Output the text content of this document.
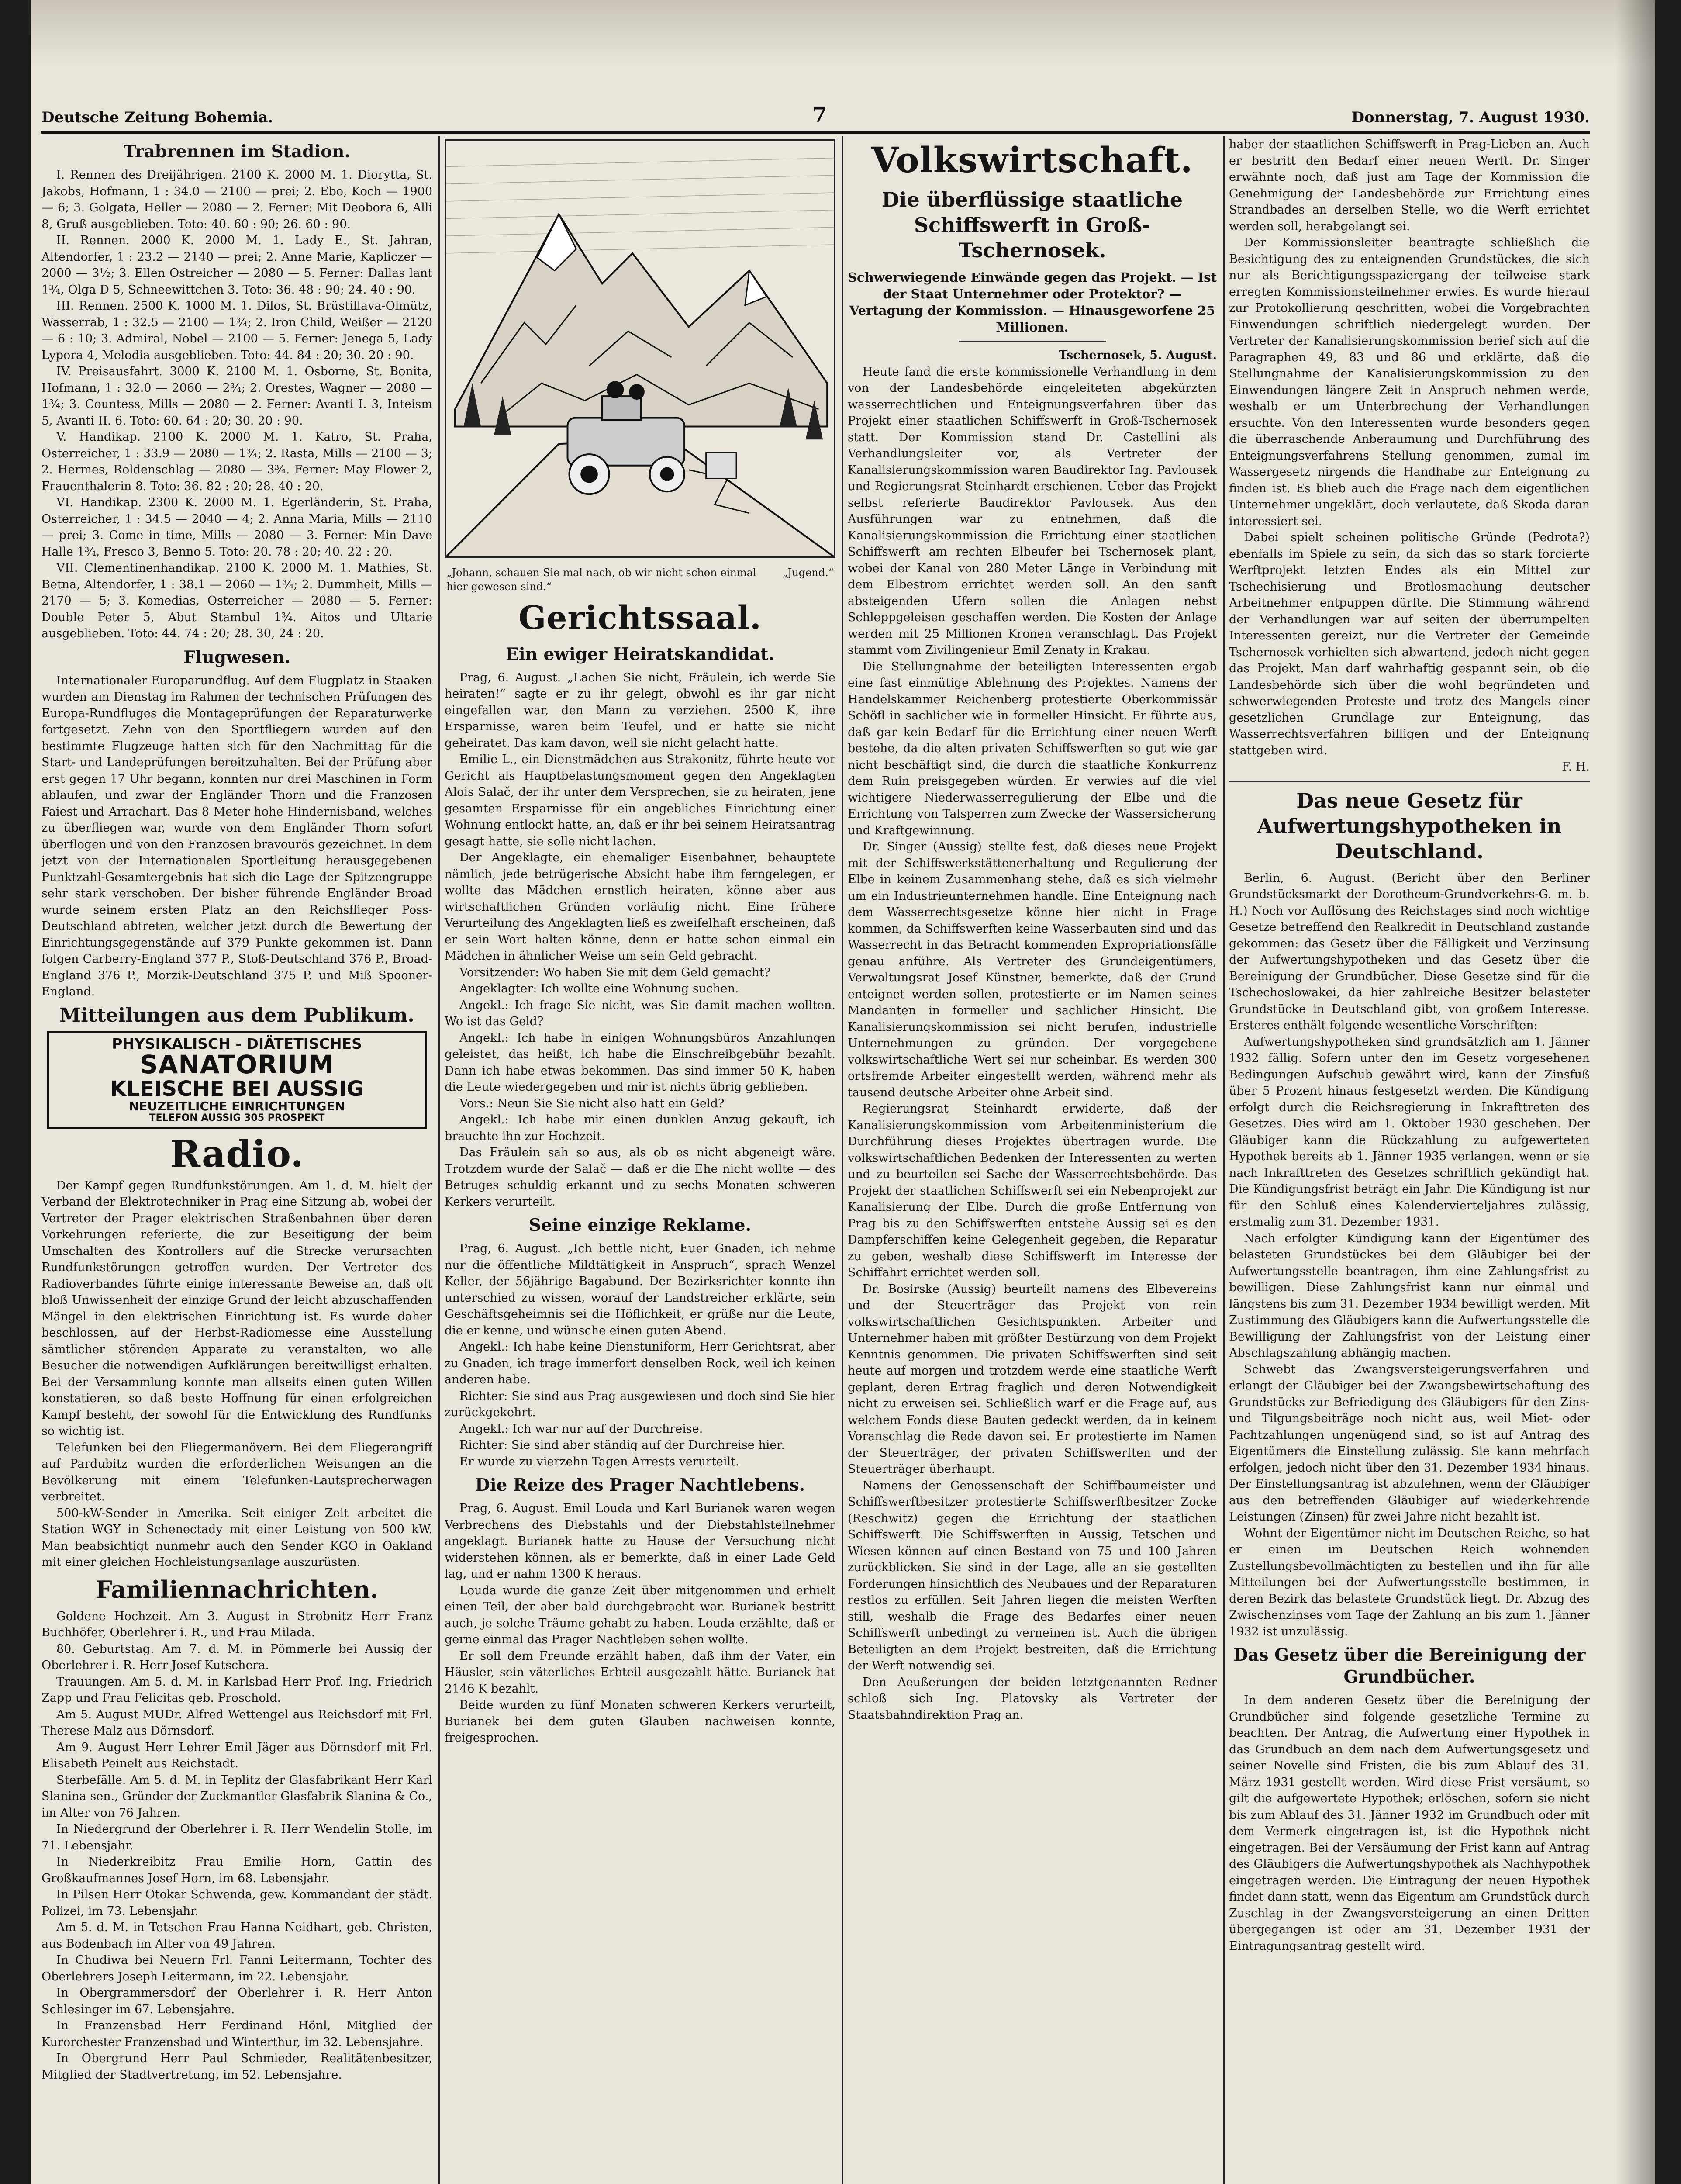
Deutsche Zeitung Bohemia.	7	Donnerstag, 7. August 1930.
Trabrennen im Stadion.

I. Rennen des Dreijährigen. 2100 K. 2000 M. 1. Diorytta, St. Jakobs, Hofmann, 1 : 34.0 — 2100 — prei; 2. Ebo, Koch — 1900 — 6; 3. Golgata, Heller — 2080 — 2. Ferner: Mit Deobora 6, Alli 8, Gruß ausgeblieben. Toto: 40. 60 : 90; 26. 60 : 90.

II. Rennen. 2000 K. 2000 M. 1. Lady E., St. Jahran, Altendorfer, 1 : 23.2 — 2140 — prei; 2. Anne Marie, Kapliczer — 2000 — 3½; 3. Ellen Ostreicher — 2080 — 5. Ferner: Dallas lant 1¾, Olga D 5, Schneewittchen 3. Toto: 36. 48 : 90; 24. 40 : 90.

III. Rennen. 2500 K. 1000 M. 1. Dilos, St. Brüstillava-Olmütz, Wasserrab, 1 : 32.5 — 2100 — 1¾; 2. Iron Child, Weißer — 2120 — 6 : 10; 3. Admiral, Nobel — 2100 — 5. Ferner: Jenega 5, Lady Lypora 4, Melodia ausgeblieben. Toto: 44. 84 : 20; 30. 20 : 90.

IV. Preisausfahrt. 3000 K. 2100 M. 1. Osborne, St. Bonita, Hofmann, 1 : 32.0 — 2060 — 2¾; 2. Orestes, Wagner — 2080 — 1¾; 3. Countess, Mills — 2080 — 2. Ferner: Avanti I. 3, Inteism 5, Avanti II. 6. Toto: 60. 64 : 20; 30. 20 : 90.

V. Handikap. 2100 K. 2000 M. 1. Katro, St. Praha, Osterreicher, 1 : 33.9 — 2080 — 1¾; 2. Rasta, Mills — 2100 — 3; 2. Hermes, Roldenschlag — 2080 — 3¾. Ferner: May Flower 2, Frauenthalerin 8. Toto: 36. 82 : 20; 28. 40 : 20.

VI. Handikap. 2300 K. 2000 M. 1. Egerländerin, St. Praha, Osterreicher, 1 : 34.5 — 2040 — 4; 2. Anna Maria, Mills — 2110 — prei; 3. Come in time, Mills — 2080 — 3. Ferner: Min Dave Halle 1¾, Fresco 3, Benno 5. Toto: 20. 78 : 20; 40. 22 : 20.

VII. Clementinenhandikap. 2100 K. 2000 M. 1. Mathies, St. Betna, Altendorfer, 1 : 38.1 — 2060 — 1¾; 2. Dummheit, Mills — 2170 — 5; 3. Komedias, Osterreicher — 2080 — 5. Ferner: Double Peter 5, Abut Stambul 1¾. Aitos und Ultarie ausgeblieben. Toto: 44. 74 : 20; 28. 30, 24 : 20.

Flugwesen.

Internationaler Europarundflug. Auf dem Flugplatz in Staaken wurden am Dienstag im Rahmen der technischen Prüfungen des Europa-Rundfluges die Montageprüfungen der Reparaturwerke fortgesetzt. Zehn von den Sportfliegern wurden auf den bestimmte Flugzeuge hatten sich für den Nachmittag für die Start- und Landeprüfungen bereitzuhalten. Bei der Prüfung aber erst gegen 17 Uhr begann, konnten nur drei Maschinen in Form ablaufen, und zwar der Engländer Thorn und die Franzosen Faiest und Arrachart. Das 8 Meter hohe Hindernisband, welches zu überfliegen war, wurde von dem Engländer Thorn sofort überflogen und von den Franzosen bravourös gezeichnet. In dem jetzt von der Internationalen Sportleitung herausgegebenen Punktzahl-Gesamtergebnis hat sich die Lage der Spitzengruppe sehr stark verschoben. Der bisher führende Engländer Broad wurde seinem ersten Platz an den Reichsflieger Poss-Deutschland abtreten, welcher jetzt durch die Bewertung der Einrichtungsgegenstände auf 379 Punkte gekommen ist. Dann folgen Carberry-England 377 P., Stoß-Deutschland 376 P., Broad-England 376 P., Morzik-Deutschland 375 P. und Miß Spooner-England.

Mitteilungen aus dem Publikum.
PHYSIKALISCH - DIÄTETISCHES
SANATORIUM
KLEISCHE BEI AUSSIG
NEUZEITLICHE EINRICHTUNGEN
TELEFON AUSSIG 305 PROSPEKT
Radio.

Der Kampf gegen Rundfunkstörungen. Am 1. d. M. hielt der Verband der Elektrotechniker in Prag eine Sitzung ab, wobei der Vertreter der Prager elektrischen Straßenbahnen über deren Vorkehrungen referierte, die zur Beseitigung der beim Umschalten des Kontrollers auf die Strecke verursachten Rundfunkstörungen getroffen wurden. Der Vertreter des Radioverbandes führte einige interessante Beweise an, daß oft bloß Unwissenheit der einzige Grund der leicht abzuschaffenden Mängel in den elektrischen Einrichtung ist. Es wurde daher beschlossen, auf der Herbst-Radiomesse eine Ausstellung sämtlicher störenden Apparate zu veranstalten, wo alle Besucher die notwendigen Aufklärungen bereitwilligst erhalten. Bei der Versammlung konnte man allseits einen guten Willen konstatieren, so daß beste Hoffnung für einen erfolgreichen Kampf besteht, der sowohl für die Entwicklung des Rundfunks so wichtig ist.

Telefunken bei den Fliegermanövern. Bei dem Fliegerangriff auf Pardubitz wurden die erforderlichen Weisungen an die Bevölkerung mit einem Telefunken-Lautsprecherwagen verbreitet.

500-kW-Sender in Amerika. Seit einiger Zeit arbeitet die Station WGY in Schenectady mit einer Leistung von 500 kW. Man beabsichtigt nunmehr auch den Sender KGO in Oakland mit einer gleichen Hochleistungsanlage auszurüsten.

Familiennachrichten.

Goldene Hochzeit. Am 3. August in Strobnitz Herr Franz Buchhöfer, Oberlehrer i. R., und Frau Milada.

80. Geburtstag. Am 7. d. M. in Pömmerle bei Aussig der Oberlehrer i. R. Herr Josef Kutschera.

Trauungen. Am 5. d. M. in Karlsbad Herr Prof. Ing. Friedrich Zapp und Frau Felicitas geb. Proschold.

Am 5. August MUDr. Alfred Wettengel aus Reichsdorf mit Frl. Therese Malz aus Dörnsdorf.

Am 9. August Herr Lehrer Emil Jäger aus Dörnsdorf mit Frl. Elisabeth Peinelt aus Reichstadt.

Sterbefälle. Am 5. d. M. in Teplitz der Glasfabrikant Herr Karl Slanina sen., Gründer der Zuckmantler Glasfabrik Slanina & Co., im Alter von 76 Jahren.

In Niedergrund der Oberlehrer i. R. Herr Wendelin Stolle, im 71. Lebensjahr.

In Niederkreibitz Frau Emilie Horn, Gattin des Großkaufmannes Josef Horn, im 68. Lebensjahr.

In Pilsen Herr Otokar Schwenda, gew. Kommandant der städt. Polizei, im 73. Lebensjahr.

Am 5. d. M. in Tetschen Frau Hanna Neidhart, geb. Christen, aus Bodenbach im Alter von 49 Jahren.

In Chudiwa bei Neuern Frl. Fanni Leitermann, Tochter des Oberlehrers Joseph Leitermann, im 22. Lebensjahr.

In Obergrammersdorf der Oberlehrer i. R. Herr Anton Schlesinger im 67. Lebensjahre.

In Franzensbad Herr Ferdinand Hönl, Mitglied der Kurorchester Franzensbad und Winterthur, im 32. Lebensjahre.

In Obergrund Herr Paul Schmieder, Realitätenbesitzer, Mitglied der Stadtvertretung, im 52. Lebensjahre.

„Johann, schauen Sie mal nach, ob wir nicht schon einmal hier gewesen sind.“
„Jugend.“
Gerichtssaal.
Ein ewiger Heiratskandidat.

Prag, 6. August. „Lachen Sie nicht, Fräulein, ich werde Sie heiraten!“ sagte er zu ihr gelegt, obwohl es ihr gar nicht eingefallen war, den Mann zu verziehen. 2500 K, ihre Ersparnisse, waren beim Teufel, und er hatte sie nicht geheiratet. Das kam davon, weil sie nicht gelacht hatte.

Emilie L., ein Dienstmädchen aus Strakonitz, führte heute vor Gericht als Hauptbelastungsmoment gegen den Angeklagten Alois Salač, der ihr unter dem Versprechen, sie zu heiraten, jene gesamten Ersparnisse für ein angebliches Einrichtung einer Wohnung entlockt hatte, an, daß er ihr bei seinem Heiratsantrag gesagt hatte, sie solle nicht lachen.

Der Angeklagte, ein ehemaliger Eisenbahner, behauptete nämlich, jede betrügerische Absicht habe ihm ferngelegen, er wollte das Mädchen ernstlich heiraten, könne aber aus wirtschaftlichen Gründen vorläufig nicht. Eine frühere Verurteilung des Angeklagten ließ es zweifelhaft erscheinen, daß er sein Wort halten könne, denn er hatte schon einmal ein Mädchen in ähnlicher Weise um sein Geld gebracht.

Vorsitzender: Wo haben Sie mit dem Geld gemacht?

Angeklagter: Ich wollte eine Wohnung suchen.

Angekl.: Ich frage Sie nicht, was Sie damit machen wollten. Wo ist das Geld?

Angekl.: Ich habe in einigen Wohnungsbüros Anzahlungen geleistet, das heißt, ich habe die Einschreibgebühr bezahlt. Dann ich habe etwas bekommen. Das sind immer 50 K, haben die Leute wiedergegeben und mir ist nichts übrig geblieben.

Vors.: Neun Sie Sie nicht also hatt ein Geld?

Angekl.: Ich habe mir einen dunklen Anzug gekauft, ich brauchte ihn zur Hochzeit.

Das Fräulein sah so aus, als ob es nicht abgeneigt wäre. Trotzdem wurde der Salač — daß er die Ehe nicht wollte — des Betruges schuldig erkannt und zu sechs Monaten schweren Kerkers verurteilt.

Seine einzige Reklame.

Prag, 6. August. „Ich bettle nicht, Euer Gnaden, ich nehme nur die öffentliche Mildtätigkeit in Anspruch“, sprach Wenzel Keller, der 56jährige Bagabund. Der Bezirksrichter konnte ihn unterschied zu wissen, worauf der Landstreicher erklärte, sein Geschäftsgeheimnis sei die Höflichkeit, er grüße nur die Leute, die er kenne, und wünsche einen guten Abend.

Angekl.: Ich habe keine Dienstuniform, Herr Gerichtsrat, aber zu Gnaden, ich trage immerfort denselben Rock, weil ich keinen anderen habe.

Richter: Sie sind aus Prag ausgewiesen und doch sind Sie hier zurückgekehrt.

Angekl.: Ich war nur auf der Durchreise.

Richter: Sie sind aber ständig auf der Durchreise hier.

Er wurde zu vierzehn Tagen Arrests verurteilt.

Die Reize des Prager Nachtlebens.

Prag, 6. August. Emil Louda und Karl Burianek waren wegen Verbrechens des Diebstahls und der Diebstahlsteilnehmer angeklagt. Burianek hatte zu Hause der Versuchung nicht widerstehen können, als er bemerkte, daß in einer Lade Geld lag, und er nahm 1300 K heraus.

Louda wurde die ganze Zeit über mitgenommen und erhielt einen Teil, der aber bald durchgebracht war. Burianek bestritt auch, je solche Träume gehabt zu haben. Louda erzählte, daß er gerne einmal das Prager Nachtleben sehen wollte.

Er soll dem Freunde erzählt haben, daß ihm der Vater, ein Häusler, sein väterliches Erbteil ausgezahlt hätte. Burianek hat 2146 K bezahlt.

Beide wurden zu fünf Monaten schweren Kerkers verurteilt, Burianek bei dem guten Glauben nachweisen konnte, freigesprochen.

Volkswirtschaft.
Die überflüssige staatliche Schiffswerft in Groß-Tschernosek.
Schwerwiegende Einwände gegen das Projekt. — Ist der Staat Unternehmer oder Protektor? — Vertagung der Kommission. — Hinausgeworfene 25 Millionen.

Tschernosek, 5. August.

Heute fand die erste kommissionelle Verhandlung in dem von der Landesbehörde eingeleiteten abgekürzten wasserrechtlichen und Enteignungsverfahren über das Projekt einer staatlichen Schiffswerft in Groß-Tschernosek statt. Der Kommission stand Dr. Castellini als Verhandlungsleiter vor, als Vertreter der Kanalisierungskommission waren Baudirektor Ing. Pavlousek und Regierungsrat Steinhardt erschienen. Ueber das Projekt selbst referierte Baudirektor Pavlousek. Aus den Ausführungen war zu entnehmen, daß die Kanalisierungskommission die Errichtung einer staatlichen Schiffswerft am rechten Elbeufer bei Tschernosek plant, wobei der Kanal von 280 Meter Länge in Verbindung mit dem Elbestrom errichtet werden soll. An den sanft absteigenden Ufern sollen die Anlagen nebst Schleppgeleisen geschaffen werden. Die Kosten der Anlage werden mit 25 Millionen Kronen veranschlagt. Das Projekt stammt vom Zivilingenieur Emil Zenaty in Krakau.

Die Stellungnahme der beteiligten Interessenten ergab eine fast einmütige Ablehnung des Projektes. Namens der Handelskammer Reichenberg protestierte Oberkommissär Schöfl in sachlicher wie in formeller Hinsicht. Er führte aus, daß gar kein Bedarf für die Errichtung einer neuen Werft bestehe, da die alten privaten Schiffswerften so gut wie gar nicht beschäftigt sind, die durch die staatliche Konkurrenz dem Ruin preisgegeben würden. Er verwies auf die viel wichtigere Niederwasserregulierung der Elbe und die Errichtung von Talsperren zum Zwecke der Wassersicherung und Kraftgewinnung.

Dr. Singer (Aussig) stellte fest, daß dieses neue Projekt mit der Schiffswerkstättenerhaltung und Regulierung der Elbe in keinem Zusammenhang stehe, daß es sich vielmehr um ein Industrieunternehmen handle. Eine Enteignung nach dem Wasserrechtsgesetze könne hier nicht in Frage kommen, da Schiffswerften keine Wasserbauten sind und das Wasserrecht in das Betracht kommenden Expropriationsfälle genau anführe. Als Vertreter des Grundeigentümers, Verwaltungsrat Josef Künstner, bemerkte, daß der Grund enteignet werden sollen, protestierte er im Namen seines Mandanten in formeller und sachlicher Hinsicht. Die Kanalisierungskommission sei nicht berufen, industrielle Unternehmungen zu gründen. Der vorgegebene volkswirtschaftliche Wert sei nur scheinbar. Es werden 300 ortsfremde Arbeiter eingestellt werden, während mehr als tausend deutsche Arbeiter ohne Arbeit sind.

Regierungsrat Steinhardt erwiderte, daß der Kanalisierungskommission vom Arbeitenministerium die Durchführung dieses Projektes übertragen wurde. Die volkswirtschaftlichen Bedenken der Interessenten zu werten und zu beurteilen sei Sache der Wasserrechtsbehörde. Das Projekt der staatlichen Schiffswerft sei ein Nebenprojekt zur Kanalisierung der Elbe. Durch die große Entfernung von Prag bis zu den Schiffswerften entstehe Aussig sei es den Dampferschiffen keine Gelegenheit gegeben, die Reparatur zu geben, weshalb diese Schiffswerft im Interesse der Schiffahrt errichtet werden soll.

Dr. Bosirske (Aussig) beurteilt namens des Elbevereins und der Steuerträger das Projekt von rein volkswirtschaftlichen Gesichtspunkten. Arbeiter und Unternehmer haben mit größter Bestürzung von dem Projekt Kenntnis genommen. Die privaten Schiffswerften sind seit heute auf morgen und trotzdem werde eine staatliche Werft geplant, deren Ertrag fraglich und deren Notwendigkeit nicht zu erweisen sei. Schließlich warf er die Frage auf, aus welchem Fonds diese Bauten gedeckt werden, da in keinem Voranschlag die Rede davon sei. Er protestierte im Namen der Steuerträger, der privaten Schiffswerften und der Steuerträger überhaupt.

Namens der Genossenschaft der Schiffbaumeister und Schiffswerftbesitzer protestierte Schiffswerftbesitzer Zocke (Reschwitz) gegen die Errichtung der staatlichen Schiffswerft. Die Schiffswerften in Aussig, Tetschen und Wiesen können auf einen Bestand von 75 und 100 Jahren zurückblicken. Sie sind in der Lage, alle an sie gestellten Forderungen hinsichtlich des Neubaues und der Reparaturen restlos zu erfüllen. Seit Jahren liegen die meisten Werften still, weshalb die Frage des Bedarfes einer neuen Schiffswerft unbedingt zu verneinen ist. Auch die übrigen Beteiligten an dem Projekt bestreiten, daß die Errichtung der Werft notwendig sei.

Den Aeußerungen der beiden letztgenannten Redner schloß sich Ing. Platovsky als Vertreter der Staatsbahndirektion Prag an.

haber der staatlichen Schiffswerft in Prag-Lieben an. Auch er bestritt den Bedarf einer neuen Werft. Dr. Singer erwähnte noch, daß just am Tage der Kommission die Genehmigung der Landesbehörde zur Errichtung eines Strandbades an derselben Stelle, wo die Werft errichtet werden soll, herabgelangt sei.

Der Kommissionsleiter beantragte schließlich die Besichtigung des zu enteignenden Grundstückes, die sich nur als Berichtigungsspaziergang der teilweise stark erregten Kommissionsteilnehmer erwies. Es wurde hierauf zur Protokollierung geschritten, wobei die Vorgebrachten Einwendungen schriftlich niedergelegt wurden. Der Vertreter der Kanalisierungskommission berief sich auf die Paragraphen 49, 83 und 86 und erklärte, daß die Stellungnahme der Kanalisierungskommission zu den Einwendungen längere Zeit in Anspruch nehmen werde, weshalb er um Unterbrechung der Verhandlungen ersuchte. Von den Interessenten wurde besonders gegen die überraschende Anberaumung und Durchführung des Enteignungsverfahrens Stellung genommen, zumal im Wassergesetz nirgends die Handhabe zur Enteignung zu finden ist. Es blieb auch die Frage nach dem eigentlichen Unternehmer ungeklärt, doch verlautete, daß Skoda daran interessiert sei.

Dabei spielt scheinen politische Gründe (Pedrota?) ebenfalls im Spiele zu sein, da sich das so stark forcierte Werftprojekt letzten Endes als ein Mittel zur Tschechisierung und Brotlosmachung deutscher Arbeitnehmer entpuppen dürfte. Die Stimmung während der Verhandlungen war auf seiten der überrumpelten Interessenten gereizt, nur die Vertreter der Gemeinde Tschernosek verhielten sich abwartend, jedoch nicht gegen das Projekt. Man darf wahrhaftig gespannt sein, ob die Landesbehörde sich über die wohl begründeten und schwerwiegenden Proteste und trotz des Mangels einer gesetzlichen Grundlage zur Enteignung, das Wasserrechtsverfahren billigen und der Enteignung stattgeben wird.

F. H.

Das neue Gesetz für Aufwertungshypotheken in Deutschland.

Berlin, 6. August. (Bericht über den Berliner Grundstücksmarkt der Dorotheum-Grundverkehrs-G. m. b. H.) Noch vor Auflösung des Reichstages sind noch wichtige Gesetze betreffend den Realkredit in Deutschland zustande gekommen: das Gesetz über die Fälligkeit und Verzinsung der Aufwertungshypotheken und das Gesetz über die Bereinigung der Grundbücher. Diese Gesetze sind für die Tschechoslowakei, da hier zahlreiche Besitzer belasteter Grundstücke in Deutschland gibt, von großem Interesse. Ersteres enthält folgende wesentliche Vorschriften:

Aufwertungshypotheken sind grundsätzlich am 1. Jänner 1932 fällig. Sofern unter den im Gesetz vorgesehenen Bedingungen Aufschub gewährt wird, kann der Zinsfuß über 5 Prozent hinaus festgesetzt werden. Die Kündigung erfolgt durch die Reichsregierung in Inkrafttreten des Gesetzes. Dies wird am 1. Oktober 1930 geschehen. Der Gläubiger kann die Rückzahlung zu aufgewerteten Hypothek bereits ab 1. Jänner 1935 verlangen, wenn er sie nach Inkrafttreten des Gesetzes schriftlich gekündigt hat. Die Kündigungsfrist beträgt ein Jahr. Die Kündigung ist nur für den Schluß eines Kalendervierteljahres zulässig, erstmalig zum 31. Dezember 1931.

Nach erfolgter Kündigung kann der Eigentümer des belasteten Grundstückes bei dem Gläubiger bei der Aufwertungsstelle beantragen, ihm eine Zahlungsfrist zu bewilligen. Diese Zahlungsfrist kann nur einmal und längstens bis zum 31. Dezember 1934 bewilligt werden. Mit Zustimmung des Gläubigers kann die Aufwertungsstelle die Bewilligung der Zahlungsfrist von der Leistung einer Abschlagszahlung abhängig machen.

Schwebt das Zwangsversteigerungsverfahren und erlangt der Gläubiger bei der Zwangsbewirtschaftung des Grundstücks zur Befriedigung des Gläubigers für den Zins- und Tilgungsbeiträge noch nicht aus, weil Miet- oder Pachtzahlungen ungenügend sind, so ist auf Antrag des Eigentümers die Einstellung zulässig. Sie kann mehrfach erfolgen, jedoch nicht über den 31. Dezember 1934 hinaus. Der Einstellungsantrag ist abzulehnen, wenn der Gläubiger aus den betreffenden Gläubiger auf wiederkehrende Leistungen (Zinsen) für zwei Jahre nicht bezahlt ist.

Wohnt der Eigentümer nicht im Deutschen Reiche, so hat er einen im Deutschen Reich wohnenden Zustellungsbevollmächtigten zu bestellen und ihn für alle Mitteilungen bei der Aufwertungsstelle bestimmen, in deren Bezirk das belastete Grundstück liegt. Dr. Abzug des Zwischenzinses vom Tage der Zahlung an bis zum 1. Jänner 1932 ist unzulässig.

Das Gesetz über die Bereinigung der Grundbücher.

In dem anderen Gesetz über die Bereinigung der Grundbücher sind folgende gesetzliche Termine zu beachten. Der Antrag, die Aufwertung einer Hypothek in das Grundbuch an dem nach dem Aufwertungsgesetz und seiner Novelle sind Fristen, die bis zum Ablauf des 31. März 1931 gestellt werden. Wird diese Frist versäumt, so gilt die aufgewertete Hypothek; erlöschen, sofern sie nicht bis zum Ablauf des 31. Jänner 1932 im Grundbuch oder mit dem Vermerk eingetragen ist, ist die Hypothek nicht eingetragen. Bei der Versäumung der Frist kann auf Antrag des Gläubigers die Aufwertungshypothek als Nachhypothek eingetragen werden. Die Eintragung der neuen Hypothek findet dann statt, wenn das Eigentum am Grundstück durch Zuschlag in der Zwangsversteigerung an einen Dritten übergegangen ist oder am 31. Dezember 1931 der Eintragungsantrag gestellt wird.
